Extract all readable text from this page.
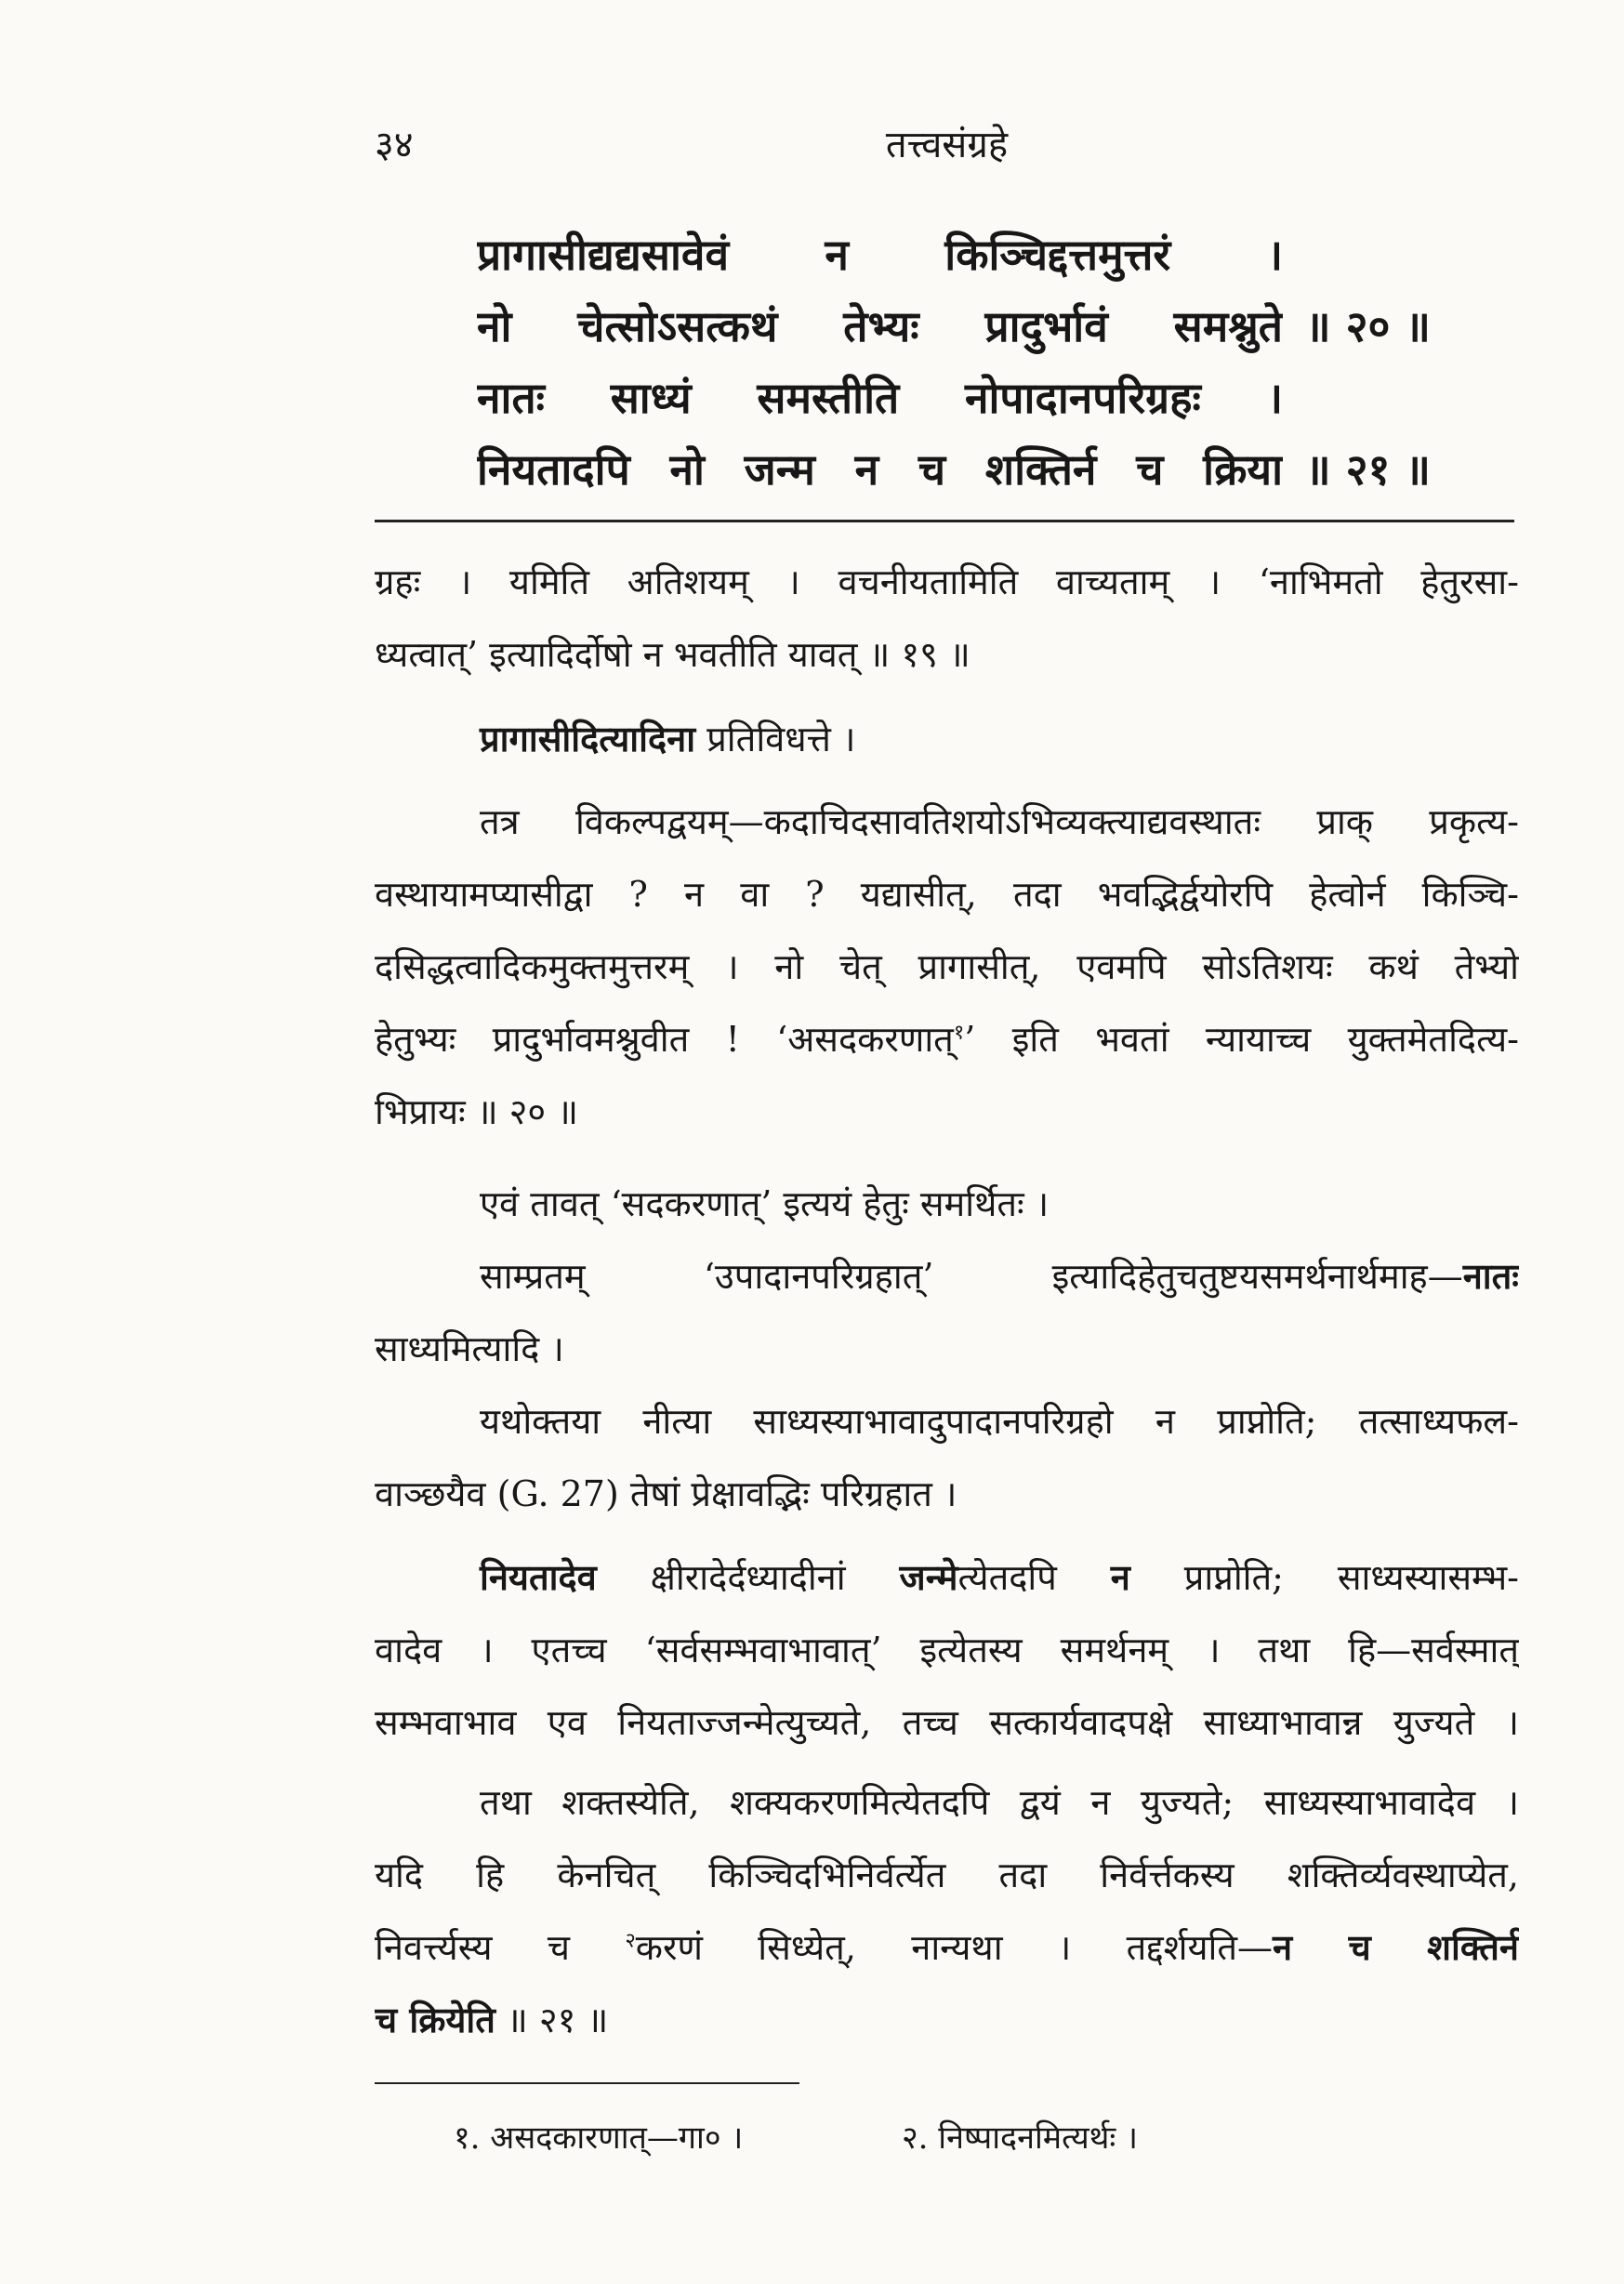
३४	तत्त्वसंग्रहे
प्रागासीद्यद्यसावेवं न किञ्चिद्दत्तमुत्तरं ।
नो चेत्सोऽसत्कथं तेभ्यः प्रादुर्भावं समश्नुते ॥ २० ॥
नातः साध्यं समस्तीति नोपादानपरिग्रहः ।
नियतादपि नो जन्म न च शक्तिर्न च क्रिया ॥ २१ ॥
ग्रहः । यमिति अतिशयम् । वचनीयतामिति वाच्यताम् । ‘नाभिमतो हेतुरसा-
ध्यत्वात्’ इत्यादिर्दोषो न भवतीति यावत् ॥ १९ ॥
प्रागासीदित्यादिना प्रतिविधत्ते ।
तत्र विकल्पद्वयम्—कदाचिदसावतिशयोऽभिव्यक्त्याद्यवस्थातः प्राक् प्रकृत्य-
वस्थायामप्यासीद्वा ? न वा ? यद्यासीत्, तदा भवद्भिर्द्वयोरपि हेत्वोर्न किञ्चि-
दसिद्धत्वादिकमुक्तमुत्तरम् । नो चेत् प्रागासीत्, एवमपि सोऽतिशयः कथं तेभ्यो
हेतुभ्यः प्रादुर्भावमश्नुवीत ! ‘असदकरणात्$^१$’ इति भवतां न्यायाच्च युक्तमेतदित्य-
भिप्रायः ॥ २० ॥
एवं तावत् ‘सदकरणात्’ इत्ययं हेतुः समर्थितः ।
साम्प्रतम् ‘उपादानपरिग्रहात्’ इत्यादिहेतुचतुष्टयसमर्थनार्थमाह—नातः
साध्यमित्यादि ।
यथोक्तया नीत्या साध्यस्याभावादुपादानपरिग्रहो न प्राप्नोति; तत्साध्यफल-
वाञ्छयैव (G. 27) तेषां प्रेक्षावद्भिः परिग्रहात ।
नियतादेव क्षीरादेर्दध्यादीनां जन्मेत्येतदपि न प्राप्नोति; साध्यस्यासम्भ-
वादेव । एतच्च ‘सर्वसम्भवाभावात्’ इत्येतस्य समर्थनम् । तथा हि—सर्वस्मात्
सम्भवाभाव एव नियताज्जन्मेत्युच्यते, तच्च सत्कार्यवादपक्षे साध्याभावान्न युज्यते ।
तथा शक्तस्येति, शक्यकरणमित्येतदपि द्वयं न युज्यते; साध्यस्याभावादेव ।
यदि हि केनचित् किञ्चिदभिनिर्वर्त्येत तदा निर्वर्त्तकस्य शक्तिर्व्यवस्थाप्येत,
निवर्त्त्यस्य च $^२$करणं सिध्येत्, नान्यथा । तद्दर्शयति—न च शक्तिर्न
च क्रियेति ॥ २१ ॥
१. असदकारणात्—गा० ।	२. निष्पादनमित्यर्थः ।
